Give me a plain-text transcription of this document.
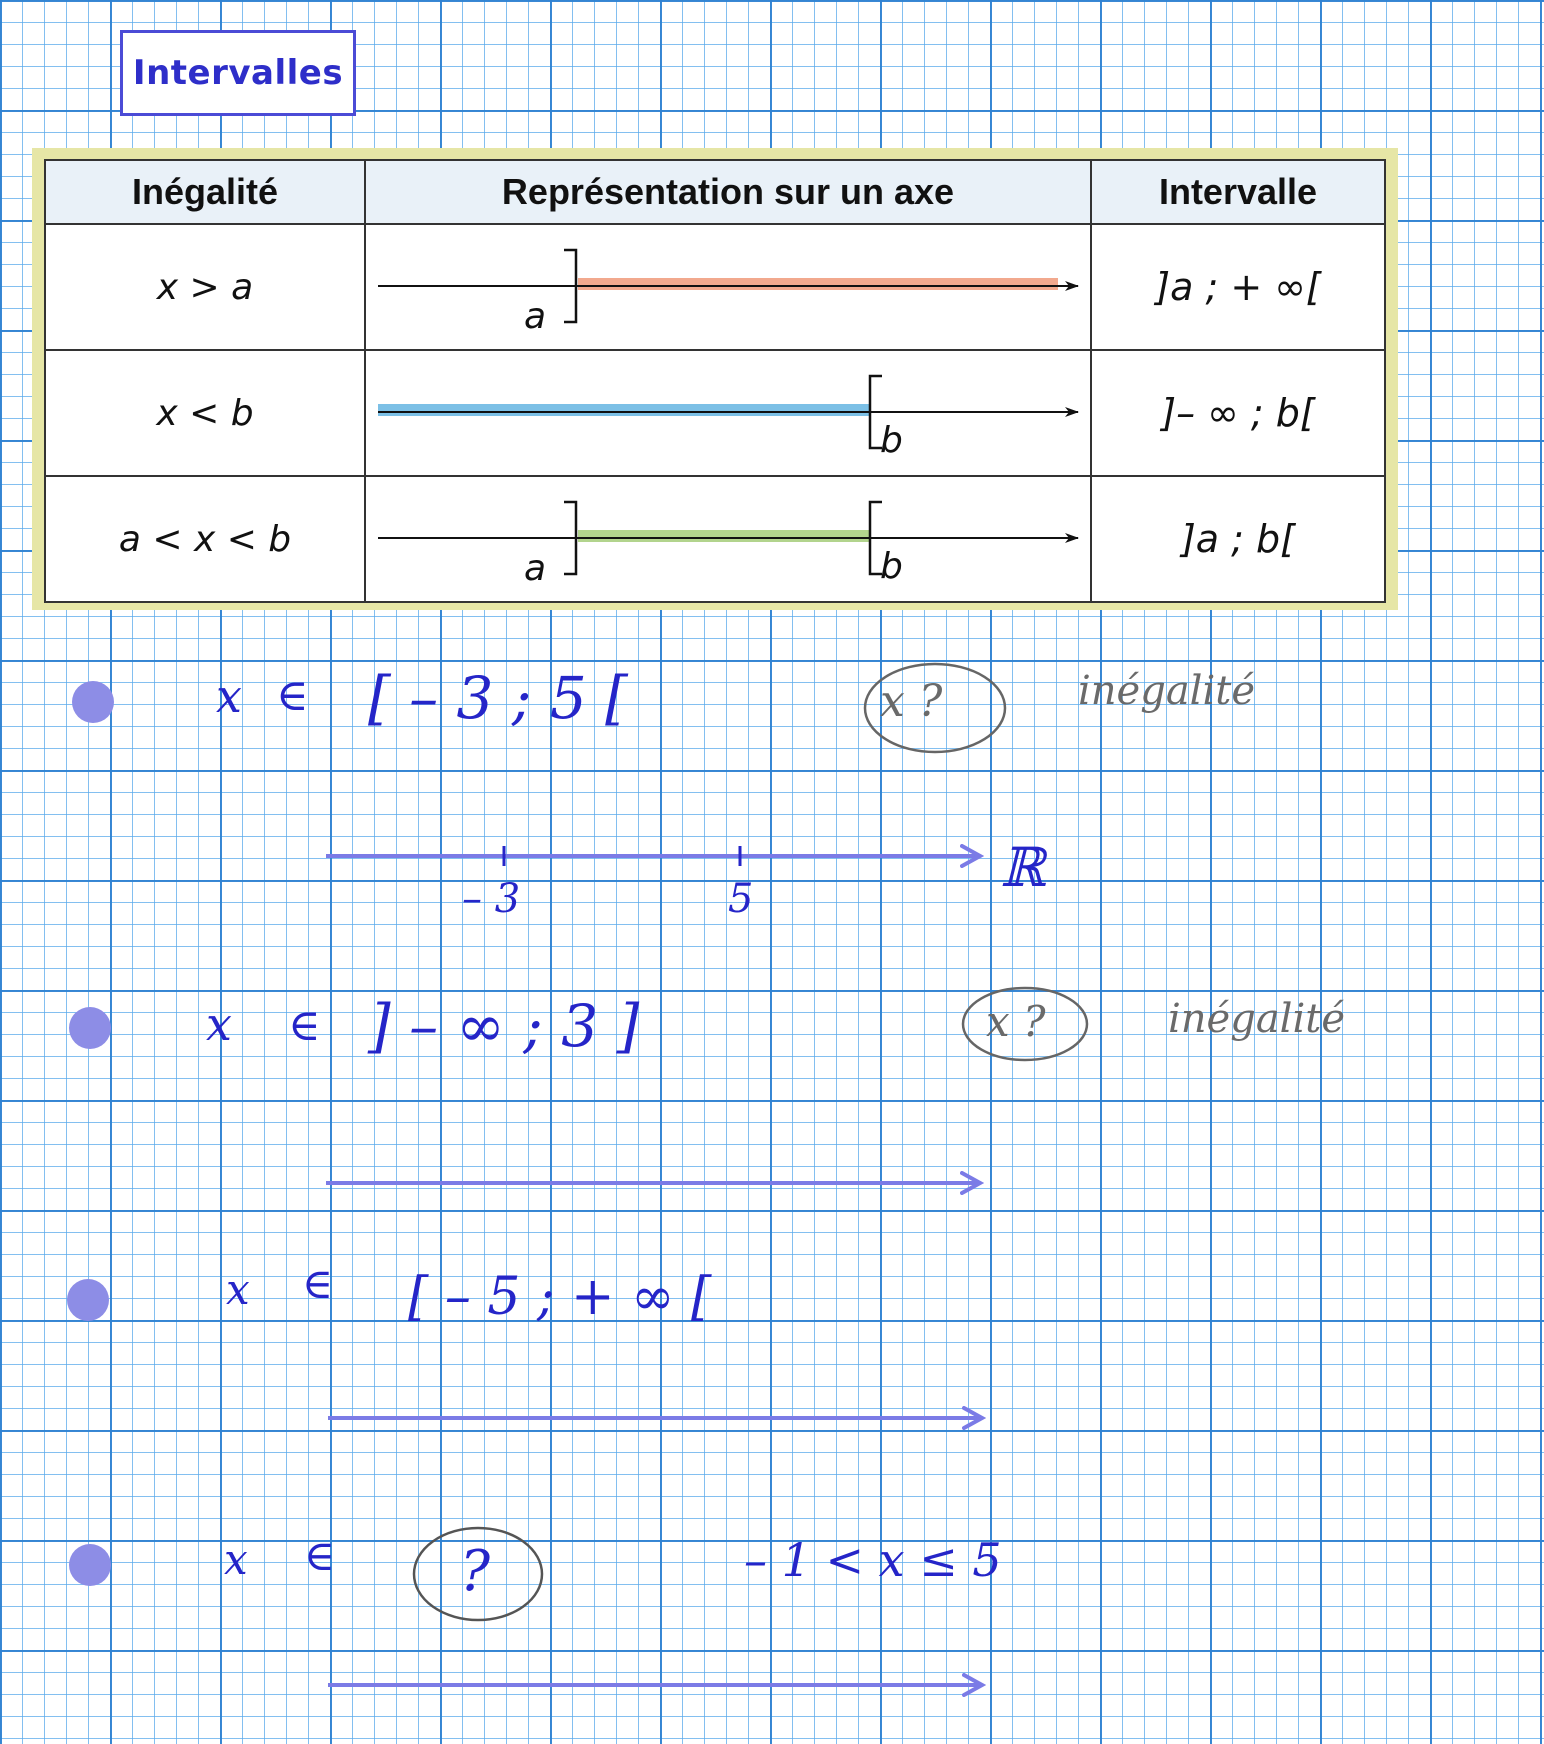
Intervalles
Inégalité	Représentation sur un axe	Intervalle
x > a	a	]a ; + ∞[
x < b	b	]– ∞ ; b[
a < x < b	a b	]a ; b[
x ∈ [ – 3 ; 5 [	x ?	inégalité
– 3	5	ℝ
x ∈ ] – ∞ ; 3 ]	x ?	inégalité
x ∈ [ – 5 ; + ∞ [
x ∈ ?	– 1 < x ≤ 5
